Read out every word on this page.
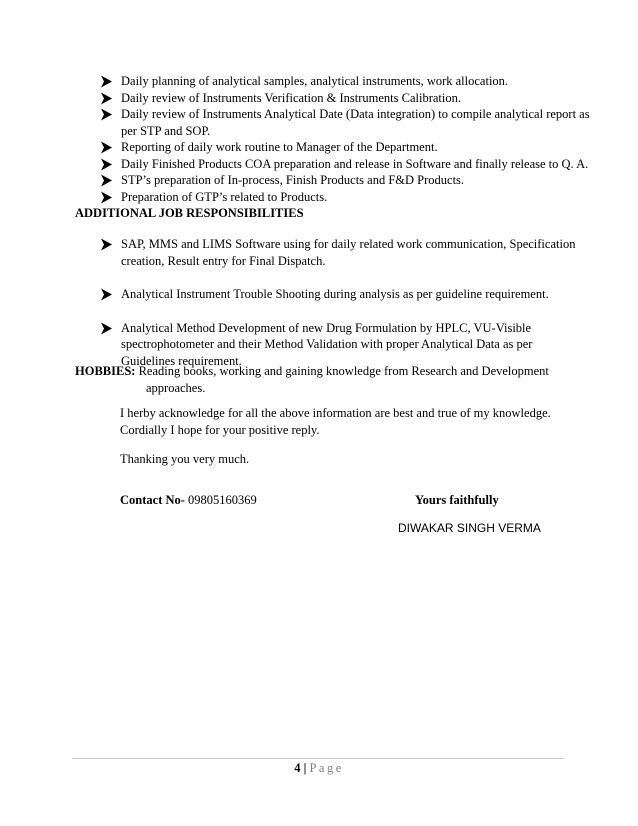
Daily planning of analytical samples, analytical instruments, work allocation.
Daily review of Instruments Verification & Instruments Calibration.
Daily review of Instruments Analytical Date (Data integration) to compile analytical report as per STP and SOP.
Reporting of daily work routine to Manager of the Department.
Daily Finished Products COA preparation and release in Software and finally release to Q. A.
STP’s preparation of In-process, Finish Products and F&D Products.
Preparation of GTP’s related to Products.
ADDITIONAL JOB RESPONSIBILITIES
SAP, MMS and LIMS Software using for daily related work communication, Specification creation, Result entry for Final Dispatch.
Analytical Instrument Trouble Shooting during analysis as per guideline requirement.
Analytical Method Development of new Drug Formulation by HPLC, VU-Visible spectrophotometer and their Method Validation with proper Analytical Data as per Guidelines requirement.
HOBBIES: Reading books, working and gaining knowledge from Research and Development
approaches.
I herby acknowledge for all the above information are best and true of my knowledge.
Cordially I hope for your positive reply.
Thanking you very much.
Contact No- 09805160369	Yours faithfully
DIWAKAR SINGH VERMA
4 | Page
